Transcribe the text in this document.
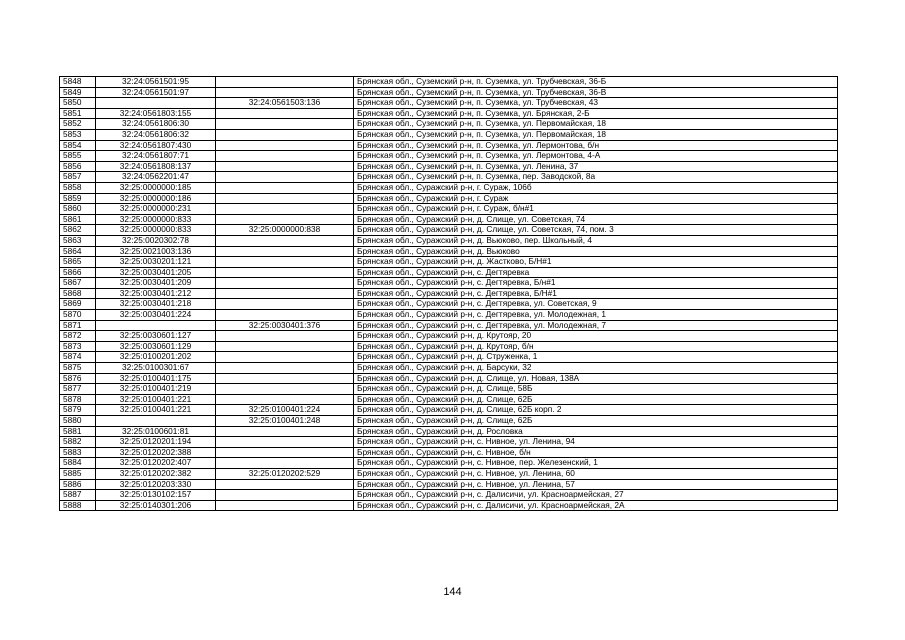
5848	32:24:0561501:95		Брянская обл., Суземский р-н, п. Суземка, ул. Трубчевская, 36-Б
5849	32:24:0561501:97		Брянская обл., Суземский р-н, п. Суземка, ул. Трубчевская, 36-В
5850		32:24:0561503:136	Брянская обл., Суземский р-н, п. Суземка, ул. Трубчевская, 43
5851	32:24:0561803:155		Брянская обл., Суземский р-н, п. Суземка, ул. Брянская, 2-Б
5852	32:24:0561806:30		Брянская обл., Суземский р-н, п. Суземка, ул. Первомайская, 18
5853	32:24:0561806:32		Брянская обл., Суземский р-н, п. Суземка, ул. Первомайская, 18
5854	32:24:0561807:430		Брянская обл., Суземский р-н, п. Суземка, ул. Лермонтова, б/н
5855	32:24:0561807:71		Брянская обл., Суземский р-н, п. Суземка, ул. Лермонтова, 4-А
5856	32:24:0561808:137		Брянская обл., Суземский р-н, п. Суземка, ул. Ленина, 37
5857	32:24:0562201:47		Брянская обл., Суземский р-н, п. Суземка, пер. Заводской, 8а
5858	32:25:0000000:185		Брянская обл., Суражский р-н, г. Сураж, 106б
5859	32:25:0000000:186		Брянская обл., Суражский р-н, г. Сураж
5860	32:25:0000000:231		Брянская обл., Суражский р-н, г. Сураж, б/н#1
5861	32:25:0000000:833		Брянская обл., Суражский р-н, д. Слище, ул. Советская, 74
5862	32:25:0000000:833	32:25:0000000:838	Брянская обл., Суражский р-н, д. Слище, ул. Советская, 74, пом. 3
5863	32:25:0020302:78		Брянская обл., Суражский р-н, д. Вьюково, пер. Школьный, 4
5864	32:25:0021003:136		Брянская обл., Суражский р-н, д. Вьюково
5865	32:25:0030201:121		Брянская обл., Суражский р-н, д. Жастково, Б/Н#1
5866	32:25:0030401:205		Брянская обл., Суражский р-н, с. Дегтяревка
5867	32:25:0030401:209		Брянская обл., Суражский р-н, с. Дегтяревка, Б/н#1
5868	32:25:0030401:212		Брянская обл., Суражский р-н, с. Дегтяревка, Б/Н#1
5869	32:25:0030401:218		Брянская обл., Суражский р-н, с. Дегтяревка, ул. Советская, 9
5870	32:25:0030401:224		Брянская обл., Суражский р-н, с. Дегтяревка, ул. Молодежная, 1
5871		32:25:0030401:376	Брянская обл., Суражский р-н, с. Дегтяревка, ул. Молодежная, 7
5872	32:25:0030601:127		Брянская обл., Суражский р-н, д. Крутояр, 20
5873	32:25:0030601:129		Брянская обл., Суражский р-н, д. Крутояр, б/н
5874	32:25:0100201:202		Брянская обл., Суражский р-н, д. Струженка, 1
5875	32:25:0100301:67		Брянская обл., Суражский р-н, д. Барсуки, 32
5876	32:25:0100401:175		Брянская обл., Суражский р-н, д. Слище, ул. Новая, 138А
5877	32:25:0100401:219		Брянская обл., Суражский р-н, д. Слище, 58Б
5878	32:25:0100401:221		Брянская обл., Суражский р-н, д. Слище, 62Б
5879	32:25:0100401:221	32:25:0100401:224	Брянская обл., Суражский р-н, д. Слище, 62Б корп. 2
5880		32:25:0100401:248	Брянская обл., Суражский р-н, д. Слище, 62Б
5881	32:25:0100601:81		Брянская обл., Суражский р-н, д. Рословка
5882	32:25:0120201:194		Брянская обл., Суражский р-н, с. Нивное, ул. Ленина, 94
5883	32:25:0120202:388		Брянская обл., Суражский р-н, с. Нивное, б/н
5884	32:25:0120202:407		Брянская обл., Суражский р-н, с. Нивное, пер. Железенский, 1
5885	32:25:0120202:382	32:25:0120202:529	Брянская обл., Суражский р-н, с. Нивное, ул. Ленина, 60
5886	32:25:0120203:330		Брянская обл., Суражский р-н, с. Нивное, ул. Ленина, 57
5887	32:25:0130102:157		Брянская обл., Суражский р-н, с. Далисичи, ул. Красноармейская, 27
5888	32:25:0140301:206		Брянская обл., Суражский р-н, с. Далисичи, ул. Красноармейская, 2А
144
